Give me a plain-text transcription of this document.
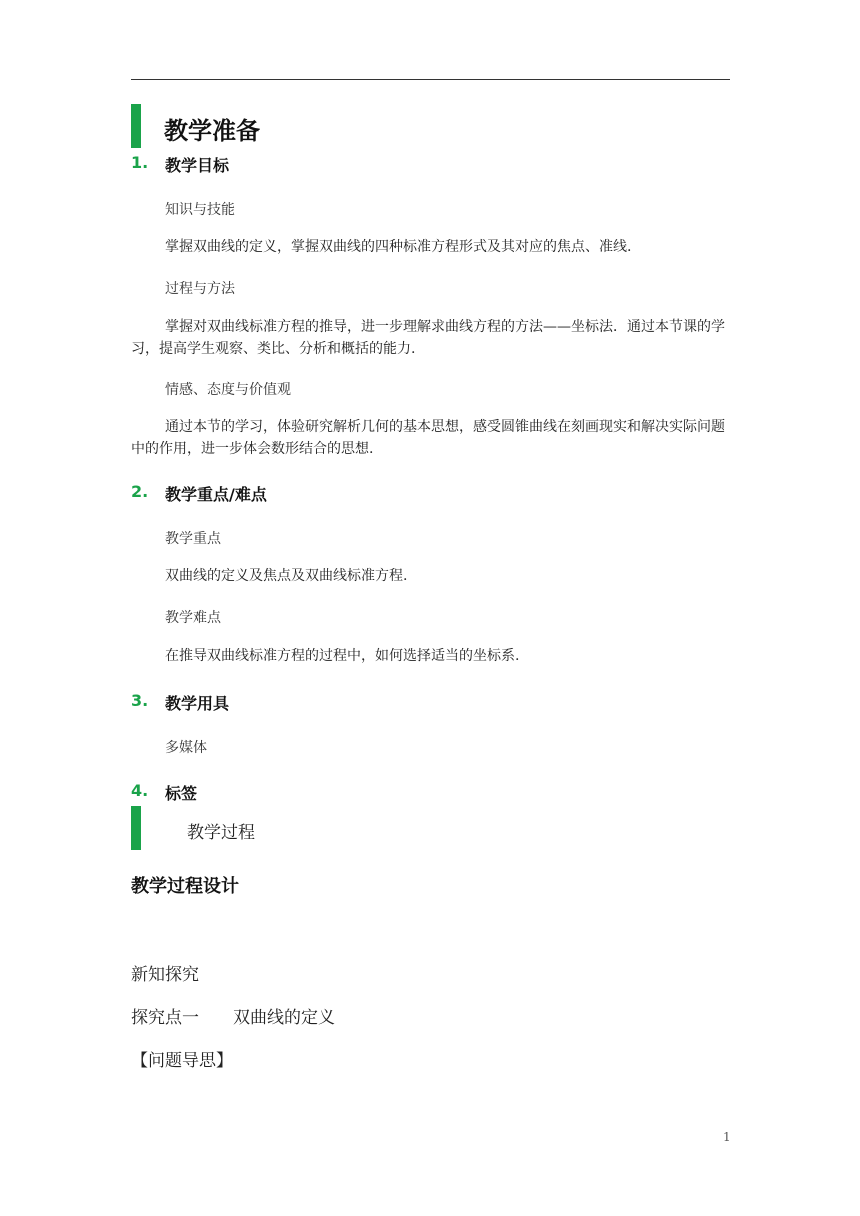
教学准备
1. 教学目标
知识与技能
掌握双曲线的定义，掌握双曲线的四种标准方程形式及其对应的焦点、准线.
过程与方法
掌握对双曲线标准方程的推导，进一步理解求曲线方程的方法——坐标法．通过本节课的学习，提高学生观察、类比、分析和概括的能力.
情感、态度与价值观
通过本节的学习，体验研究解析几何的基本思想，感受圆锥曲线在刻画现实和解决实际问题中的作用，进一步体会数形结合的思想.
2. 教学重点/难点
教学重点
双曲线的定义及焦点及双曲线标准方程.
教学难点
在推导双曲线标准方程的过程中，如何选择适当的坐标系.
3. 教学用具
多媒体
4. 标签
教学过程
教学过程设计
新知探究
探究点一　　双曲线的定义
【问题导思】
1
